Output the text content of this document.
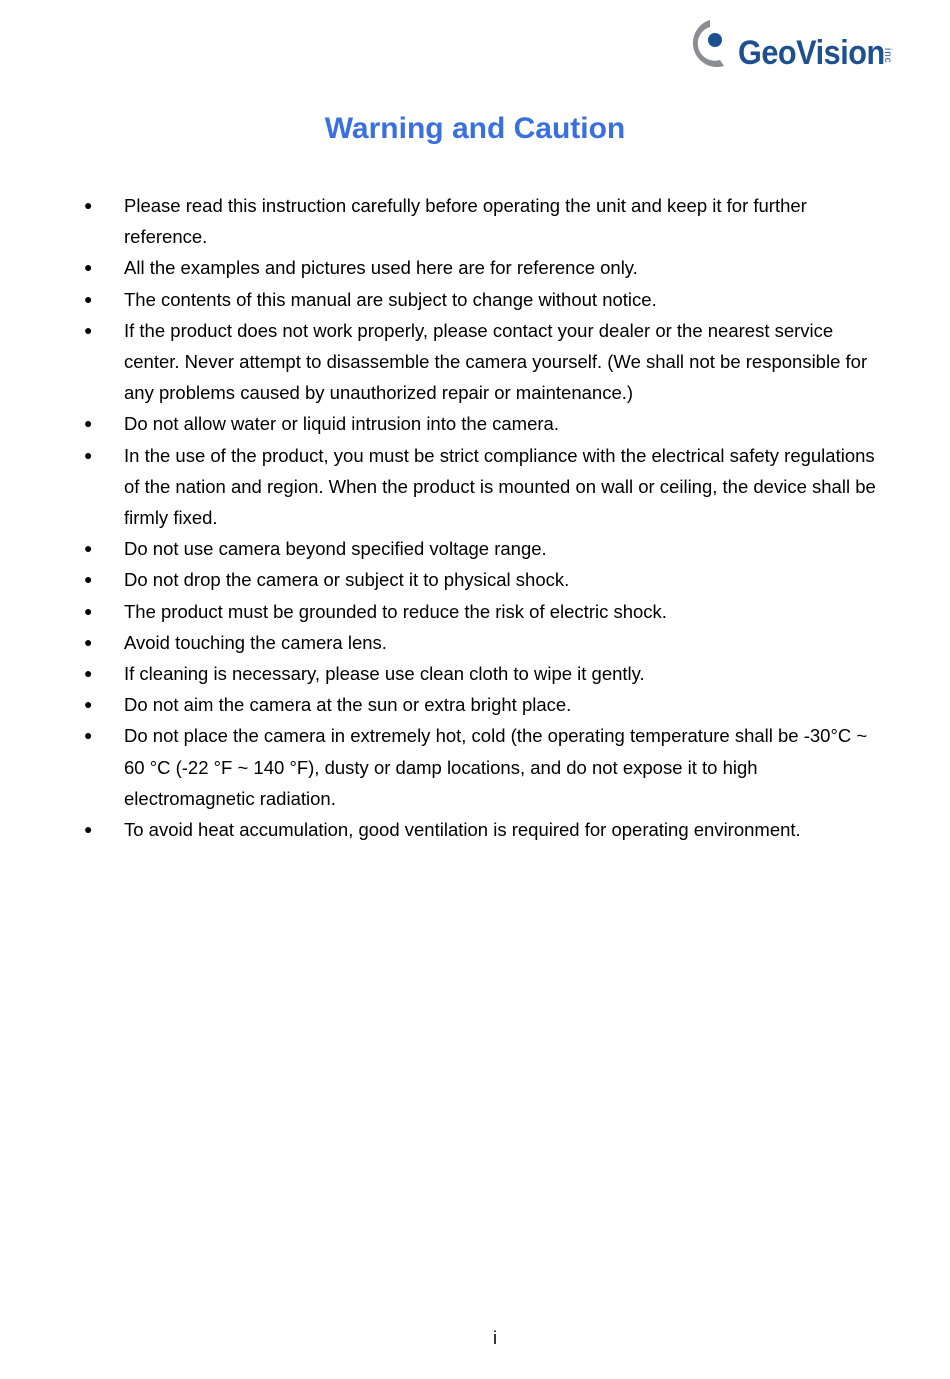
GeoVision
inc
Warning and Caution
● Please read this instruction carefully before operating the unit and keep it for further reference.
● All the examples and pictures used here are for reference only.
● The contents of this manual are subject to change without notice.
● If the product does not work properly, please contact your dealer or the nearest service center. Never attempt to disassemble the camera yourself. (We shall not be responsible for any problems caused by unauthorized repair or maintenance.)
● Do not allow water or liquid intrusion into the camera.
● In the use of the product, you must be strict compliance with the electrical safety regulations of the nation and region. When the product is mounted on wall or ceiling, the device shall be firmly fixed.
● Do not use camera beyond specified voltage range.
● Do not drop the camera or subject it to physical shock.
● The product must be grounded to reduce the risk of electric shock.
● Avoid touching the camera lens.
● If cleaning is necessary, please use clean cloth to wipe it gently.
● Do not aim the camera at the sun or extra bright place.
● Do not place the camera in extremely hot, cold (the operating temperature shall be -30°C ~ 60 °C (-22 °F ~ 140 °F), dusty or damp locations, and do not expose it to high electromagnetic radiation.
● To avoid heat accumulation, good ventilation is required for operating environment.
i
